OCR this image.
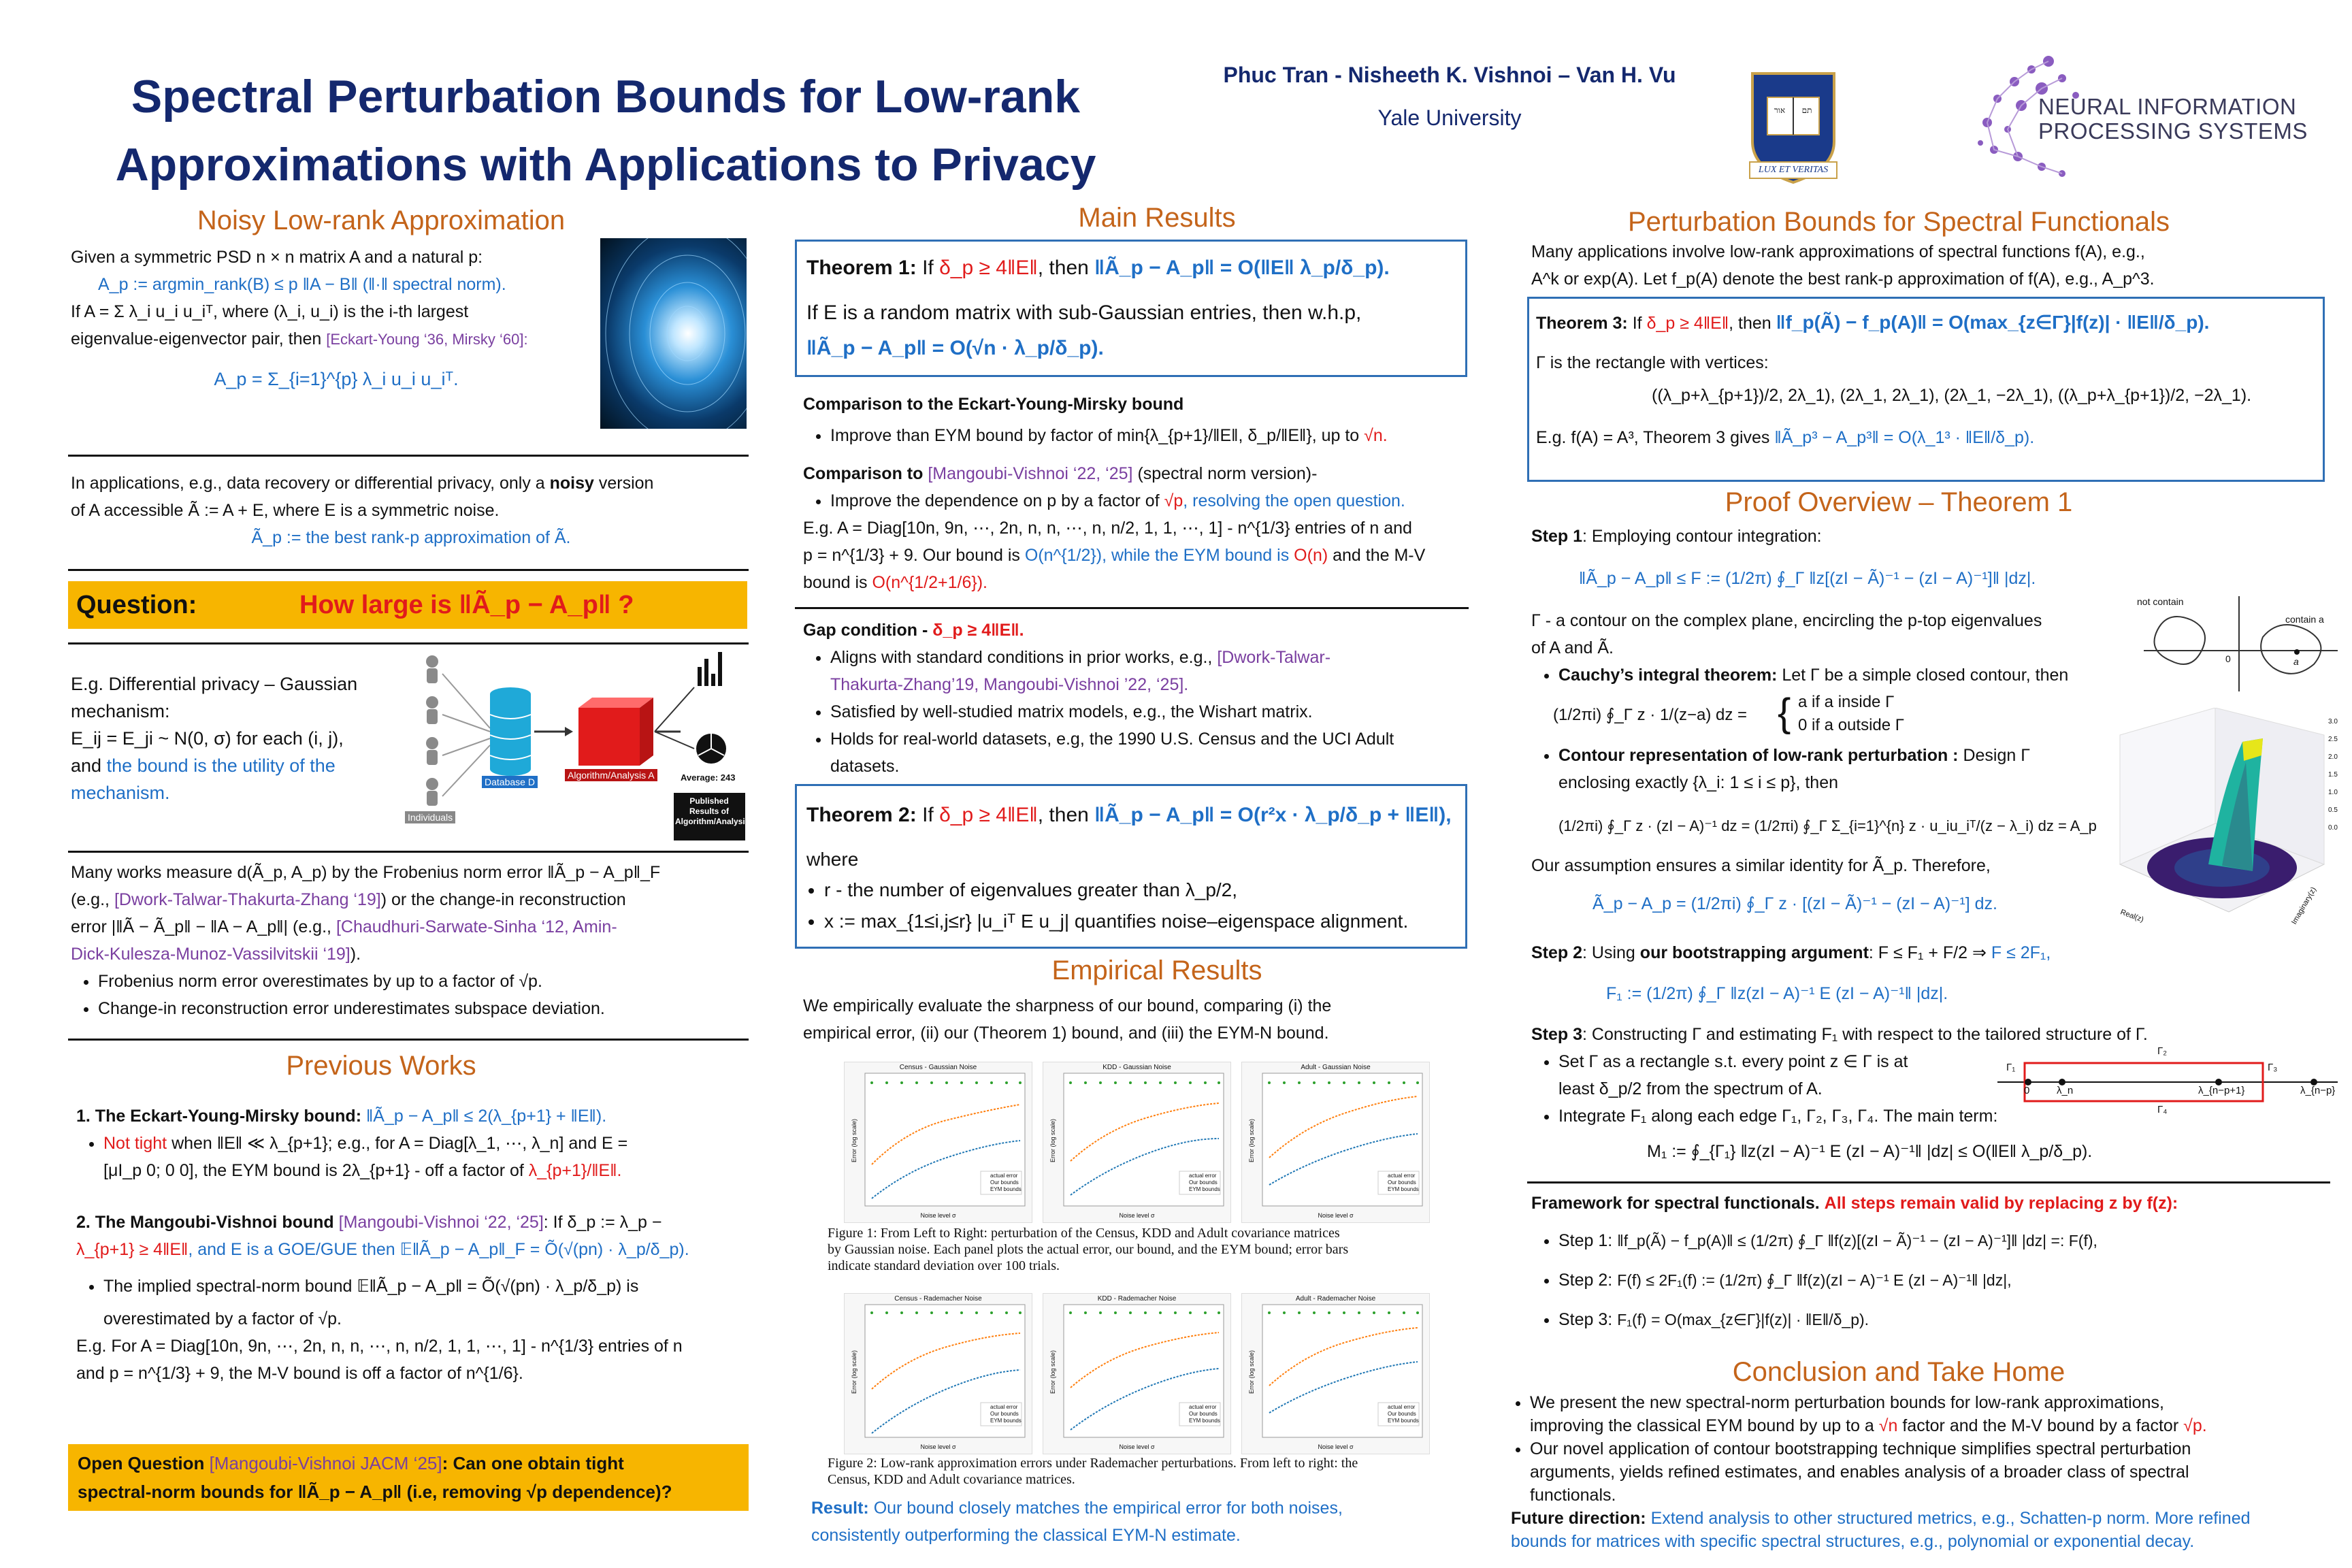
Spectral Perturbation Bounds for Low-rank
Approximations with Applications to Privacy
Phuc Tran - Nisheeth K. Vishnoi – Van H. Vu
Yale University	אור תם
LUX ET VERITAS
NEURAL INFORMATION
PROCESSING SYSTEMS
Noisy Low-rank Approximation

Given a symmetric PSD n × n matrix A and a natural p:

A_p := argmin_rank(B) ≤ p ‖A − B‖ (‖·‖ spectral norm).

If A = Σ λ_i u_i u_iᵀ, where (λ_i, u_i) is the i-th largest

eigenvalue-eigenvector pair, then [Eckart-Young ‘36, Mirsky ‘60]:

A_p = Σ_{i=1}^{p} λ_i u_i u_iᵀ.

In applications, e.g., data recovery or differential privacy, only a noisy version

of A accessible Ã := A + E, where E is a symmetric noise.

Ã_p := the best rank-p approximation of Ã.

Question:	How large is ‖Ã_p − A_p‖ ?

E.g. Differential privacy – Gaussian

mechanism:

E_ij = E_ji ~ N(0, σ) for each (i, j),

and the bound is the utility of the

mechanism.

Individuals
Database D
Algorithm/Analysis A	Average: 243
Published Results of Algorithm/Analysis

Many works measure d(Ã_p, A_p) by the Frobenius norm error ‖Ã_p − A_p‖_F

(e.g., [Dwork-Talwar-Thakurta-Zhang ‘19]) or the change-in reconstruction

error |‖Ã − Ã_p‖ − ‖A − A_p‖| (e.g., [Chaudhuri-Sarwate-Sinha ‘12, Amin-

Dick-Kulesza-Munoz-Vassilvitskii ‘19]).

• Frobenius norm error overestimates by up to a factor of √p.
• Change-in reconstruction error underestimates subspace deviation.
Previous Works

1. The Eckart-Young-Mirsky bound: ‖Ã_p − A_p‖ ≤ 2(λ_{p+1} + ‖E‖).

• Not tight when ‖E‖ ≪ λ_{p+1}; e.g., for A = Diag[λ_1, ⋯, λ_n] and E =

[μI_p 0; 0 0], the EYM bound is 2λ_{p+1} - off a factor of λ_{p+1}/‖E‖.

2. The Mangoubi-Vishnoi bound [Mangoubi-Vishnoi ‘22, ‘25]: If δ_p := λ_p −

λ_{p+1} ≥ 4‖E‖, and E is a GOE/GUE then 𝔼‖Ã_p − A_p‖_F = Õ(√(pn) · λ_p/δ_p).

• The implied spectral-norm bound 𝔼‖Ã_p − A_p‖ = Õ(√(pn) · λ_p/δ_p) is

overestimated by a factor of √p.

E.g. For A = Diag[10n, 9n, ⋯, 2n, n, n, ⋯, n, n/2, 1, 1, ⋯, 1] - n^{1/3} entries of n

and p = n^{1/3} + 9, the M-V bound is off a factor of n^{1/6}.

Open Question [Mangoubi-Vishnoi JACM ‘25]: Can one obtain tight
spectral-norm bounds for ‖Ã_p − A_p‖ (i.e, removing √p dependence)?
Main Results
Theorem 1: If δ_p ≥ 4‖E‖, then ‖Ã_p − A_p‖ = O(‖E‖ λ_p/δ_p).
If E is a random matrix with sub-Gaussian entries, then w.h.p,
‖Ã_p − A_p‖ = O(√n · λ_p/δ_p).

Comparison to the Eckart-Young-Mirsky bound

• Improve than EYM bound by factor of min{λ_{p+1}/‖E‖, δ_p/‖E‖}, up to √n.

Comparison to [Mangoubi-Vishnoi ‘22, ‘25] (spectral norm version)-

• Improve the dependence on p by a factor of √p, resolving the open question.

E.g. A = Diag[10n, 9n, ⋯, 2n, n, n, ⋯, n, n/2, 1, 1, ⋯, 1] - n^{1/3} entries of n and

p = n^{1/3} + 9. Our bound is O(n^{1/2}), while the EYM bound is O(n) and the M-V

bound is O(n^{1/2+1/6}).

Gap condition - δ_p ≥ 4‖E‖.

• Aligns with standard conditions in prior works, e.g., [Dwork-Talwar-
Thakurta-Zhang’19, Mangoubi-Vishnoi ’22, ‘25].
• Satisfied by well-studied matrix models, e.g., the Wishart matrix.
• Holds for real-world datasets, e.g, the 1990 U.S. Census and the UCI Adult
datasets.
Theorem 2: If δ_p ≥ 4‖E‖, then ‖Ã_p − A_p‖ = O(r²x · λ_p/δ_p + ‖E‖),
where
• r - the number of eigenvalues greater than λ_p/2,
• x := max_{1≤i,j≤r} |u_iᵀ E u_j| quantifies noise–eigenspace alignment.
Empirical Results

We empirically evaluate the sharpness of our bound, comparing (i) the

empirical error, (ii) our (Theorem 1) bound, and (iii) the EYM-N bound.

Census - Gaussian Noise
actual error
Our bounds
EYM bounds
Noise level σ
Error (log scale)
KDD - Gaussian Noise
actual error
Our bounds
EYM bounds
Noise level σ
Error (log scale)
Adult - Gaussian Noise
actual error
Our bounds
EYM bounds
Noise level σ
Error (log scale)
Figure 1: From Left to Right: perturbation of the Census, KDD and Adult covariance matrices
by Gaussian noise. Each panel plots the actual error, our bound, and the EYM bound; error bars
indicate standard deviation over 100 trials.
Census - Rademacher Noise
actual error
Our bounds
EYM bounds
Noise level σ
Error (log scale)
KDD - Rademacher Noise
actual error
Our bounds
EYM bounds
Noise level σ
Error (log scale)
Adult - Rademacher Noise
actual error
Our bounds
EYM bounds
Noise level σ
Error (log scale)
Figure 2: Low-rank approximation errors under Rademacher perturbations. From left to right: the
Census, KDD and Adult covariance matrices.

Result: Our bound closely matches the empirical error for both noises,

consistently outperforming the classical EYM-N estimate.

Perturbation Bounds for Spectral Functionals

Many applications involve low-rank approximations of spectral functions f(A), e.g.,

A^k or exp(A). Let f_p(A) denote the best rank-p approximation of f(A), e.g., A_p^3.

Theorem 3: If δ_p ≥ 4‖E‖, then ‖f_p(Ã) − f_p(A)‖ = O(max_{z∈Γ}|f(z)| · ‖E‖/δ_p).
Γ is the rectangle with vertices:
((λ_p+λ_{p+1})/2, 2λ_1), (2λ_1, 2λ_1), (2λ_1, −2λ_1), ((λ_p+λ_{p+1})/2, −2λ_1).
E.g. f(A) = A³, Theorem 3 gives ‖Ã_p³ − A_p³‖ = O(λ_1³ · ‖E‖/δ_p).
Proof Overview – Theorem 1

Step 1: Employing contour integration:

‖Ã_p − A_p‖ ≤ F := (1/2π) ∮_Γ ‖z[(zI − Ã)⁻¹ − (zI − A)⁻¹]‖ |dz|.

Γ - a contour on the complex plane, encircling the p-top eigenvalues

of A and Ã.

• Cauchy’s integral theorem: Let Γ be a simple closed contour, then
(1/2πi) ∮_Γ z · 1/(z−a) dz = { a if a inside Γ
0 if a outside Γ
not contain
contain a
0	a
• Contour representation of low-rank perturbation : Design Γ
enclosing exactly {λ_i: 1 ≤ i ≤ p}, then

(1/2πi) ∮_Γ z · (zI − A)⁻¹ dz = (1/2πi) ∮_Γ Σ_{i=1}^{n} z · u_iu_iᵀ/(z − λ_i) dz = A_p

Our assumption ensures a similar identity for Ã_p. Therefore,

Ã_p − A_p = (1/2πi) ∮_Γ z · [(zI − Ã)⁻¹ − (zI − A)⁻¹] dz.

3.0
2.5
2.0
1.5
1.0
0.5
0.0
Real(z)	Imaginary(z)

Step 2: Using our bootstrapping argument: F ≤ F₁ + F/2 ⇒ F ≤ 2F₁,

F₁ := (1/2π) ∮_Γ ‖z(zI − A)⁻¹ E (zI − A)⁻¹‖ |dz|.

Step 3: Constructing Γ and estimating F₁ with respect to the tailored structure of Γ.

• Set Γ as a rectangle s.t. every point z ∈ Γ is at
least δ_p/2 from the spectrum of A.
• Integrate F₁ along each edge Γ₁, Γ₂, Γ₃, Γ₄. The main term:

M₁ := ∮_{Γ₁} ‖z(zI − A)⁻¹ E (zI − A)⁻¹‖ |dz| ≤ O(‖E‖ λ_p/δ_p).

Γ₁
Γ₂
Γ₃
Γ₄
0	λ_n	λ_{n−p+1}	λ_{n−p}

Framework for spectral functionals. All steps remain valid by replacing z by f(z):

• Step 1: ‖f_p(Ã) − f_p(A)‖ ≤ (1/2π) ∮_Γ ‖f(z)[(zI − Ã)⁻¹ − (zI − A)⁻¹]‖ |dz| =: F(f),
• Step 2: F(f) ≤ 2F₁(f) := (1/2π) ∮_Γ ‖f(z)(zI − A)⁻¹ E (zI − A)⁻¹‖ |dz|,
• Step 3: F₁(f) = O(max_{z∈Γ}|f(z)| · ‖E‖/δ_p).
Conclusion and Take Home
• We present the new spectral-norm perturbation bounds for low-rank approximations,
improving the classical EYM bound by up to a √n factor and the M-V bound by a factor √p.
• Our novel application of contour bootstrapping technique simplifies spectral perturbation
arguments, yields refined estimates, and enables analysis of a broader class of spectral
functionals.
Future direction: Extend analysis to other structured metrics, e.g., Schatten-p norm. More refined
bounds for matrices with specific spectral structures, e.g., polynomial or exponential decay.
